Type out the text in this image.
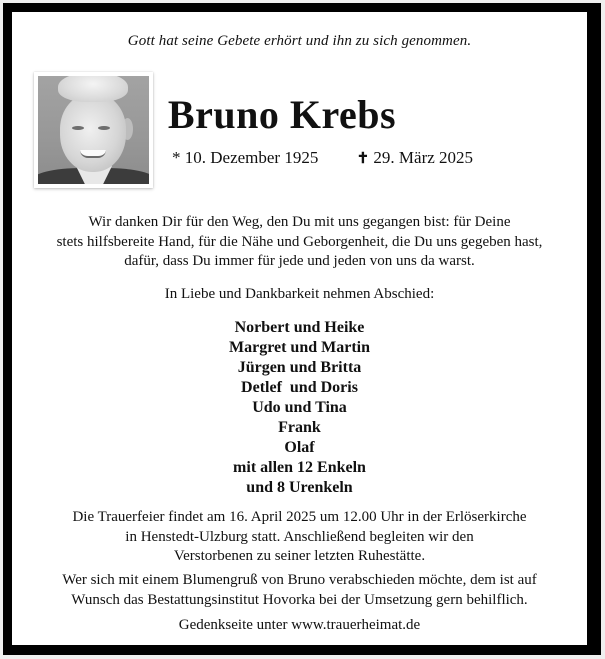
Gott hat seine Gebete erhört und ihn zu sich genommen.
Bruno Krebs
* 10. Dezember 1925	✝ 29. März 2025
Wir danken Dir für den Weg, den Du mit uns gegangen bist: für Deine
stets hilfsbereite Hand, für die Nähe und Geborgenheit, die Du uns gegeben hast,
dafür, dass Du immer für jede und jeden von uns da warst.
In Liebe und Dankbarkeit nehmen Abschied:
Norbert und Heike
Margret und Martin
Jürgen und Britta
Detlef  und Doris
Udo und Tina
Frank
Olaf
mit allen 12 Enkeln
und 8 Urenkeln
Die Trauerfeier findet am 16. April 2025 um 12.00 Uhr in der Erlöserkirche
in Henstedt-Ulzburg statt. Anschließend begleiten wir den
Verstorbenen zu seiner letzten Ruhestätte.
Wer sich mit einem Blumengruß von Bruno verabschieden möchte, dem ist auf
Wunsch das Bestattungsinstitut Hovorka bei der Umsetzung gern behilflich.
Gedenkseite unter www.trauerheimat.de
